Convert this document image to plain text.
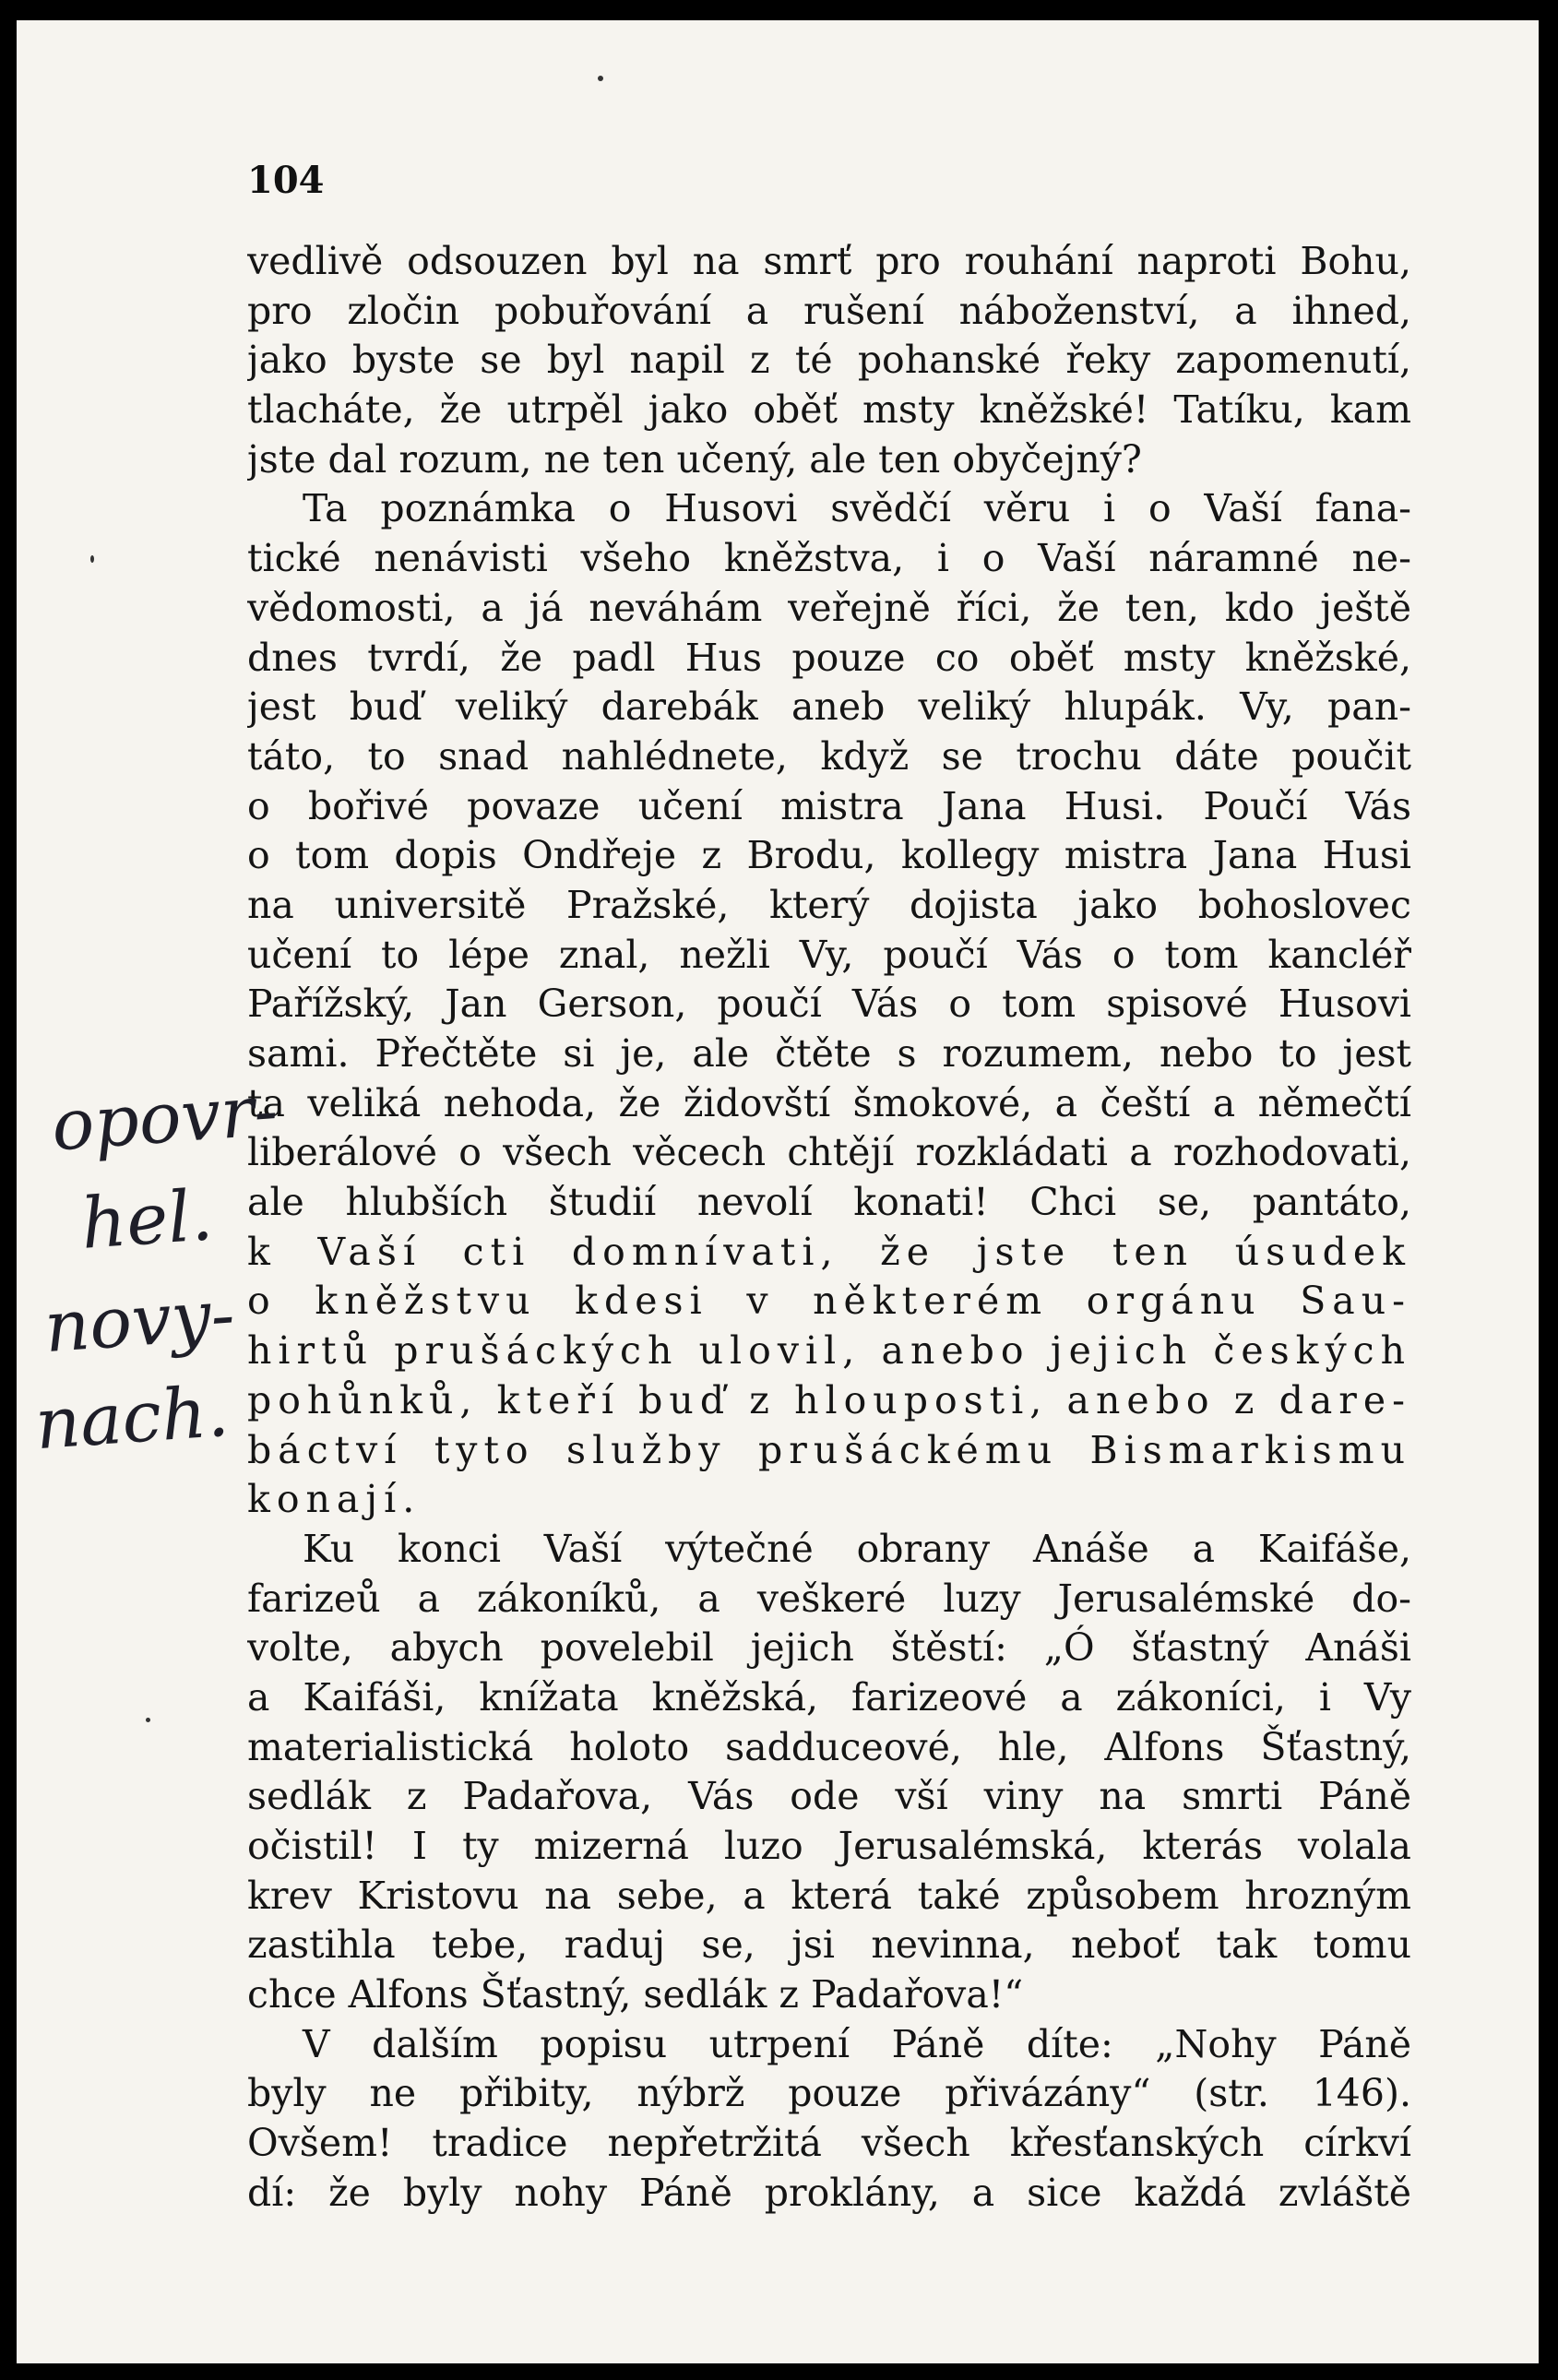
104
vedlivě odsouzen byl na smrť pro rouhání naproti Bohu,
pro zločin pobuřování a rušení náboženství, a ihned,
jako byste se byl napil z té pohanské řeky zapomenutí,
tlacháte, že utrpěl jako oběť msty kněžské! Tatíku, kam
jste dal rozum, ne ten učený, ale ten obyčejný?
Ta poznámka o Husovi svědčí věru i o Vaší fana-
tické nenávisti všeho kněžstva, i o Vaší náramné ne-
vědomosti, a já neváhám veřejně říci, že ten, kdo ještě
dnes tvrdí, že padl Hus pouze co oběť msty kněžské,
jest buď veliký darebák aneb veliký hlupák. Vy, pan-
táto, to snad nahlédnete, když se trochu dáte poučit
o bořivé povaze učení mistra Jana Husi. Poučí Vás
o tom dopis Ondřeje z Brodu, kollegy mistra Jana Husi
na universitě Pražské, který dojista jako bohoslovec
učení to lépe znal, nežli Vy, poučí Vás o tom kancléř
Pařížský, Jan Gerson, poučí Vás o tom spisové Husovi
sami. Přečtěte si je, ale čtěte s rozumem, nebo to jest
ta veliká nehoda, že židovští šmokové, a čeští a němečtí
liberálové o všech věcech chtějí rozkládati a rozhodovati,
ale hlubších študií nevolí konati! Chci se, pantáto,
k Vaší cti domnívati, že jste ten úsudek
o kněžstvu kdesi v některém orgánu Sau-
hirtů prušáckých ulovil, anebo jejich českých
pohůnků, kteří buď z hlouposti, anebo z dare-
báctví tyto služby prušáckému Bismarkismu
konají.
Ku konci Vaší výtečné obrany Anáše a Kaifáše,
farizeů a zákoníků, a veškeré luzy Jerusalémské do-
volte, abych povelebil jejich štěstí: „Ó šťastný Anáši
a Kaifáši, knížata kněžská, farizeové a zákoníci, i Vy
materialistická holoto sadduceové, hle, Alfons Šťastný,
sedlák z Padařova, Vás ode vší viny na smrti Páně
očistil! I ty mizerná luzo Jerusalémská, kterás volala
krev Kristovu na sebe, a která také způsobem hrozným
zastihla tebe, raduj se, jsi nevinna, neboť tak tomu
chce Alfons Šťastný, sedlák z Padařova!“
V dalším popisu utrpení Páně díte: „Nohy Páně
byly ne přibity, nýbrž pouze přivázány“ (str. 146).
Ovšem! tradice nepřetržitá všech křesťanských církví
dí: že byly nohy Páně proklány, a sice každá zvláště
opovr-
hel.
novy-
nach.
